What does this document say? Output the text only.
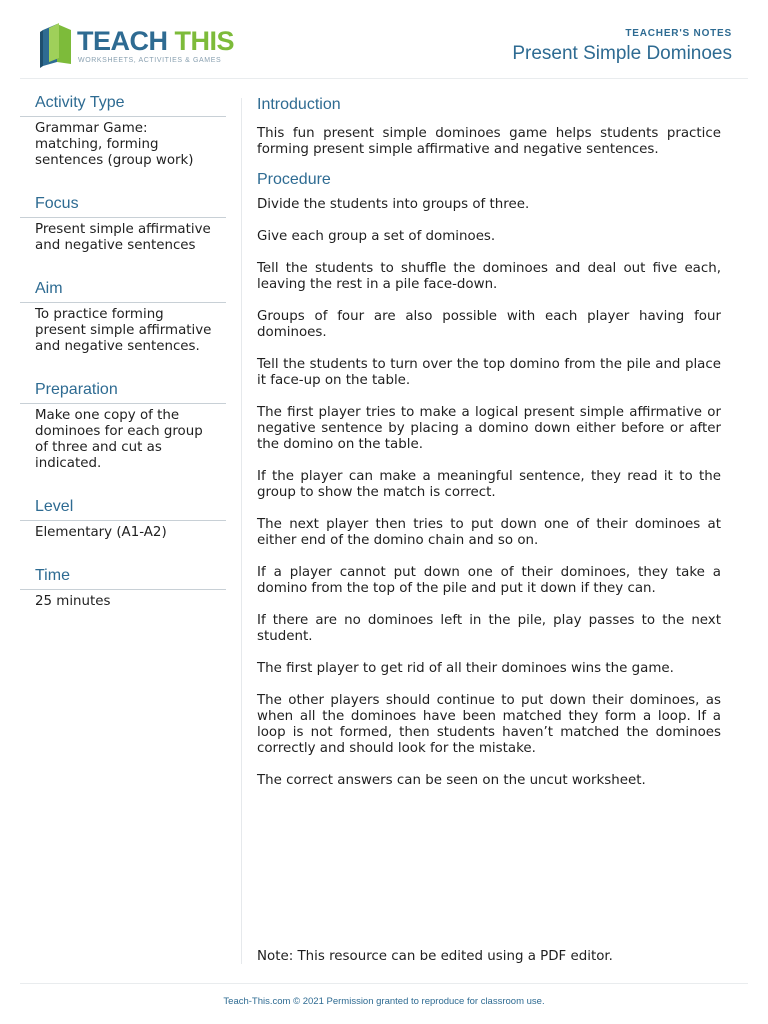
TEACH THIS
WORKSHEETS, ACTIVITIES & GAMES
TEACHER'S NOTES
Present Simple Dominoes
Activity Type

Grammar Game: matching, forming sentences (group work)

Focus

Present simple affirmative and negative sentences

Aim

To practice forming present simple affirmative and negative sentences.

Preparation

Make one copy of the dominoes for each group of three and cut as indicated.

Level

Elementary (A1-A2)

Time

25 minutes

Introduction

This fun present simple dominoes game helps students practice forming present simple affirmative and negative sentences.

Procedure
Divide the students into groups of three.
Give each group a set of dominoes.
Tell the students to shuffle the dominoes and deal out five each, leaving the rest in a pile face-down.
Groups of four are also possible with each player having four dominoes.
Tell the students to turn over the top domino from the pile and place it face-up on the table.
The first player tries to make a logical present simple affirmative or negative sentence by placing a domino down either before or after the domino on the table.
If the player can make a meaningful sentence, they read it to the group to show the match is correct.
The next player then tries to put down one of their dominoes at either end of the domino chain and so on.
If a player cannot put down one of their dominoes, they take a domino from the top of the pile and put it down if they can.
If there are no dominoes left in the pile, play passes to the next student.
The first player to get rid of all their dominoes wins the game.
The other players should continue to put down their dominoes, as when all the dominoes have been matched they form a loop. If a loop is not formed, then students haven’t matched the dominoes correctly and should look for the mistake.
The correct answers can be seen on the uncut worksheet.

Note: This resource can be edited using a PDF editor.

Teach-This.com © 2021 Permission granted to reproduce for classroom use.
